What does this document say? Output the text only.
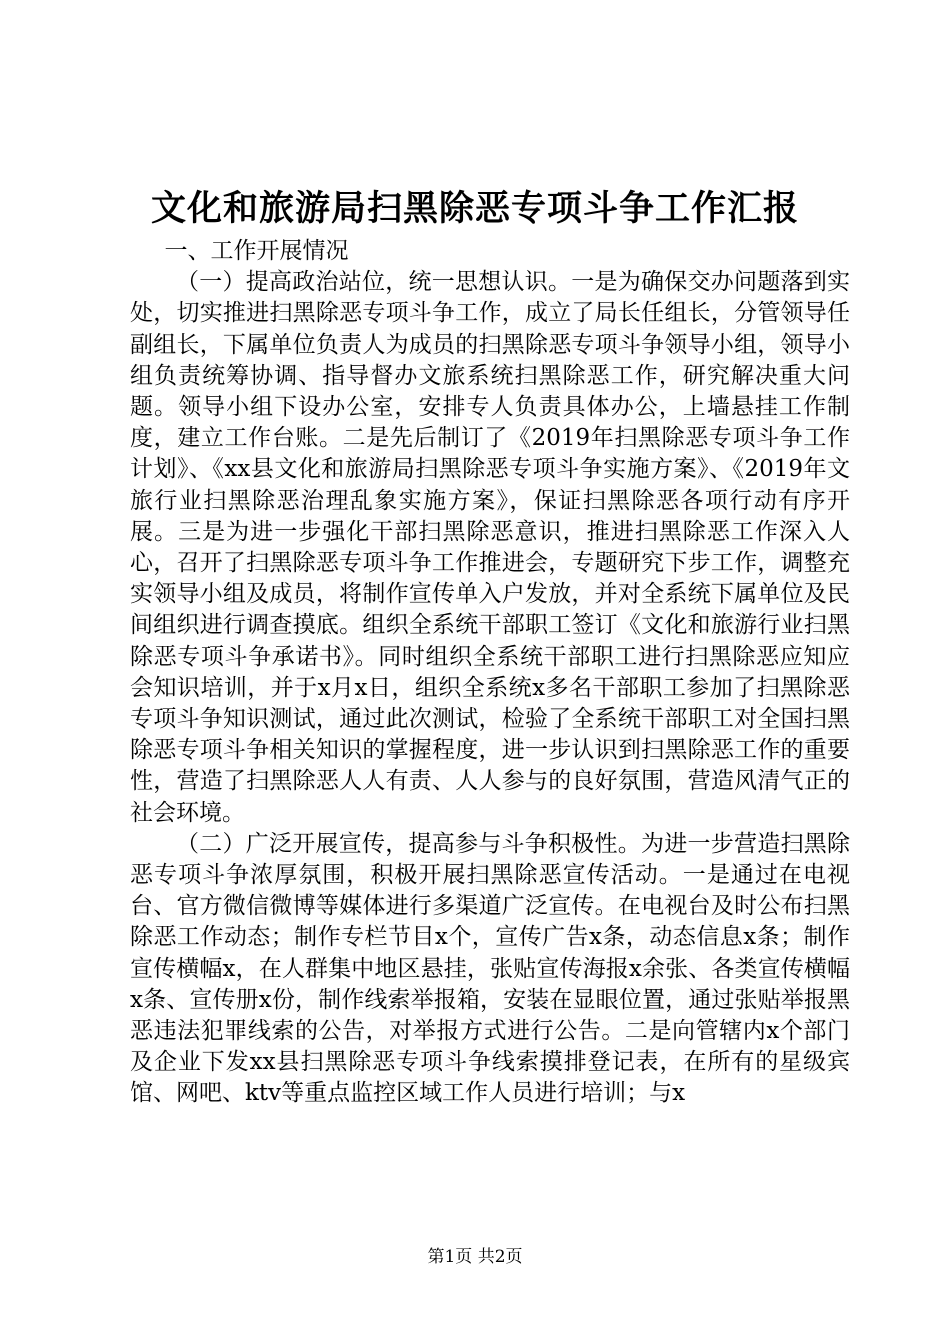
文化和旅游局扫黑除恶专项斗争工作汇报

一、工作开展情况

（一）提高政治站位，统一思想认识。一是为确保交办问题落到实处，切实推进扫黑除恶专项斗争工作，成立了局长任组长，分管领导任副组长，下属单位负责人为成员的扫黑除恶专项斗争领导小组，领导小组负责统筹协调、指导督办文旅系统扫黑除恶工作，研究解决重大问题。领导小组下设办公室，安排专人负责具体办公，上墙悬挂工作制度，建立工作台账。二是先后制订了《2019年扫黑除恶专项斗争工作计划》、《xx县文化和旅游局扫黑除恶专项斗争实施方案》、《2019年文旅行业扫黑除恶治理乱象实施方案》，保证扫黑除恶各项行动有序开展。三是为进一步强化干部扫黑除恶意识，推进扫黑除恶工作深入人心，召开了扫黑除恶专项斗争工作推进会，专题研究下步工作，调整充实领导小组及成员，将制作宣传单入户发放，并对全系统下属单位及民间组织进行调查摸底。组织全系统干部职工签订《文化和旅游行业扫黑除恶专项斗争承诺书》。同时组织全系统干部职工进行扫黑除恶应知应会知识培训，并于x月x日，组织全系统x多名干部职工参加了扫黑除恶专项斗争知识测试，通过此次测试，检验了全系统干部职工对全国扫黑除恶专项斗争相关知识的掌握程度，进一步认识到扫黑除恶工作的重要性，营造了扫黑除恶人人有责、人人参与的良好氛围，营造风清气正的社会环境。

（二）广泛开展宣传，提高参与斗争积极性。为进一步营造扫黑除恶专项斗争浓厚氛围，积极开展扫黑除恶宣传活动。一是通过在电视台、官方微信微博等媒体进行多渠道广泛宣传。在电视台及时公布扫黑除恶工作动态；制作专栏节目x个，宣传广告x条，动态信息x条；制作宣传横幅x，在人群集中地区悬挂，张贴宣传海报x余张、各类宣传横幅x条、宣传册x份，制作线索举报箱，安装在显眼位置，通过张贴举报黑恶违法犯罪线索的公告，对举报方式进行公告。二是向管辖内x个部门及企业下发xx县扫黑除恶专项斗争线索摸排登记表，在所有的星级宾馆、网吧、ktv等重点监控区域工作人员进行培训；与x

第1页 共2页
